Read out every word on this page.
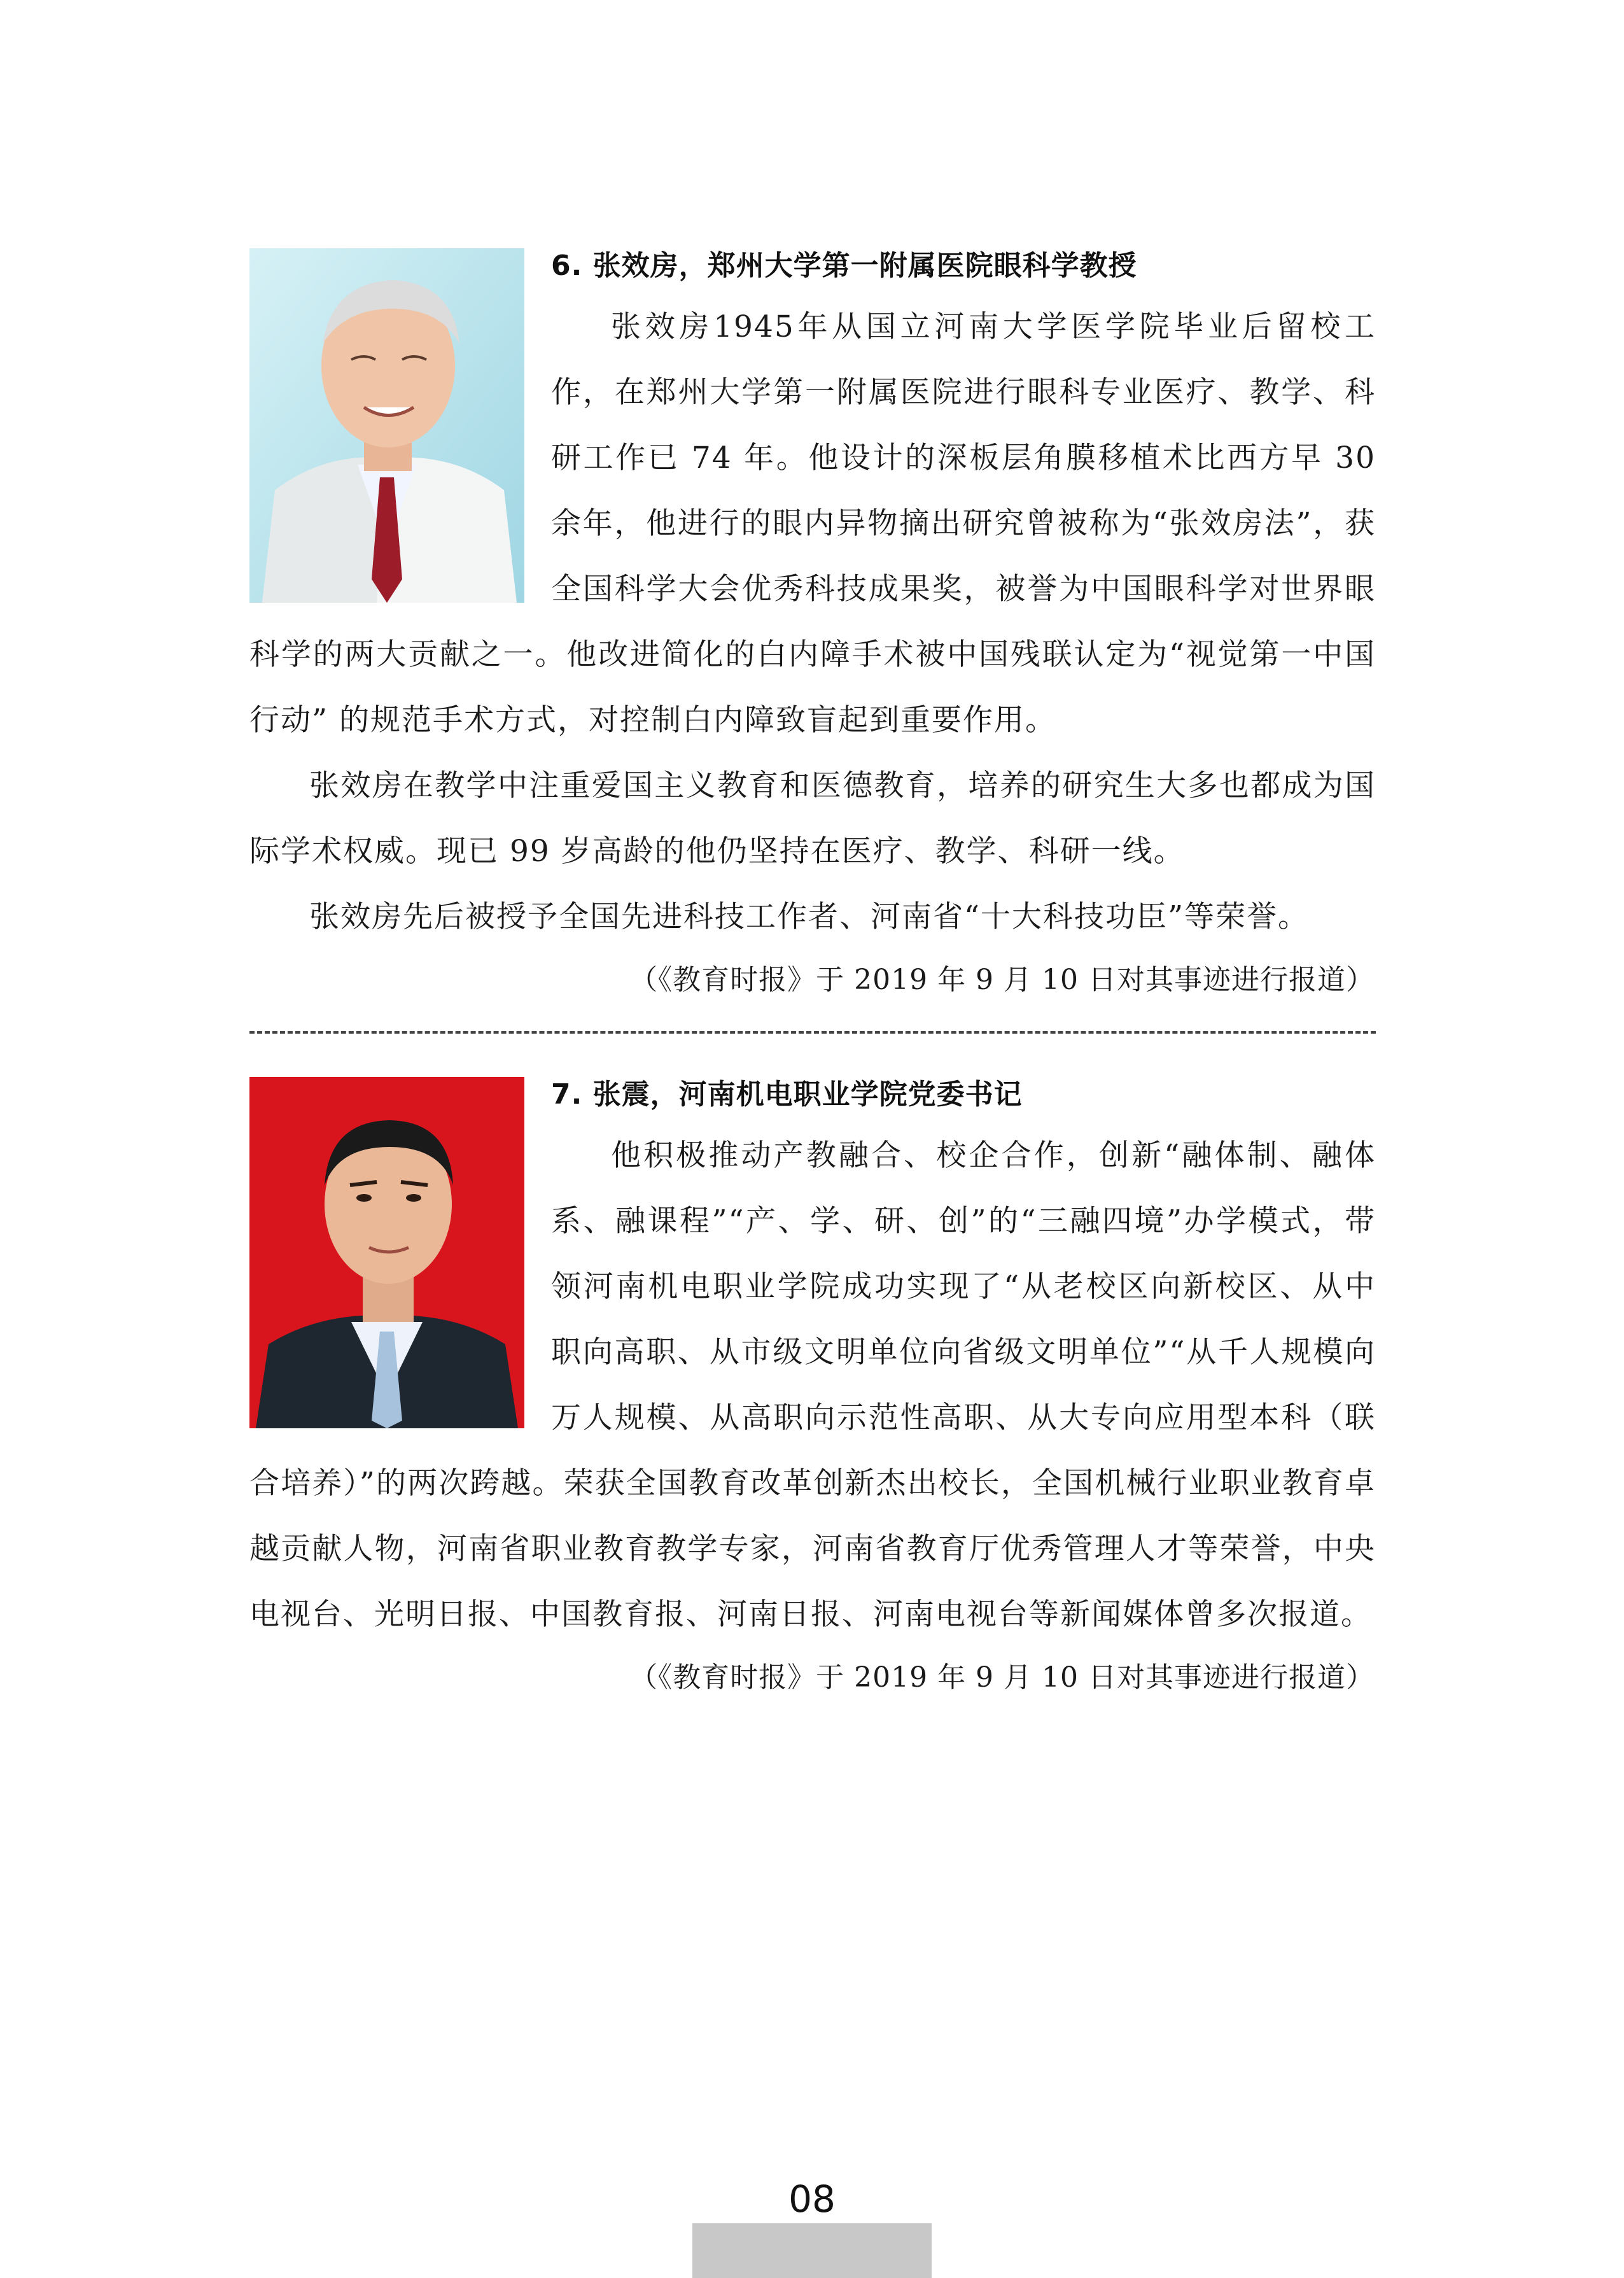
6. 张效房，郑州大学第一附属医院眼科学教授

张效房1945年从国立河南大学医学院毕业后留校工作，在郑州大学第一附属医院进行眼科专业医疗、教学、科研工作已 74 年。他设计的深板层角膜移植术比西方早 30 余年，他进行的眼内异物摘出研究曾被称为“张效房法”，获全国科学大会优秀科技成果奖，被誉为中国眼科学对世界眼科学的两大贡献之一。他改进简化的白内障手术被中国残联认定为“视觉第一中国行动” 的规范手术方式，对控制白内障致盲起到重要作用。

张效房在教学中注重爱国主义教育和医德教育，培养的研究生大多也都成为国际学术权威。现已 99 岁高龄的他仍坚持在医疗、教学、科研一线。

张效房先后被授予全国先进科技工作者、河南省“十大科技功臣”等荣誉。

（《教育时报》于 2019 年 9 月 10 日对其事迹进行报道）

7. 张震，河南机电职业学院党委书记

他积极推动产教融合、校企合作，创新“融体制、融体系、融课程”“产、学、研、创”的“三融四境”办学模式，带领河南机电职业学院成功实现了“从老校区向新校区、从中职向高职、从市级文明单位向省级文明单位”“从千人规模向万人规模、从高职向示范性高职、从大专向应用型本科（联合培养）”的两次跨越。荣获全国教育改革创新杰出校长，全国机械行业职业教育卓越贡献人物，河南省职业教育教学专家，河南省教育厅优秀管理人才等荣誉，中央电视台、光明日报、中国教育报、河南日报、河南电视台等新闻媒体曾多次报道。

（《教育时报》于 2019 年 9 月 10 日对其事迹进行报道）

08
